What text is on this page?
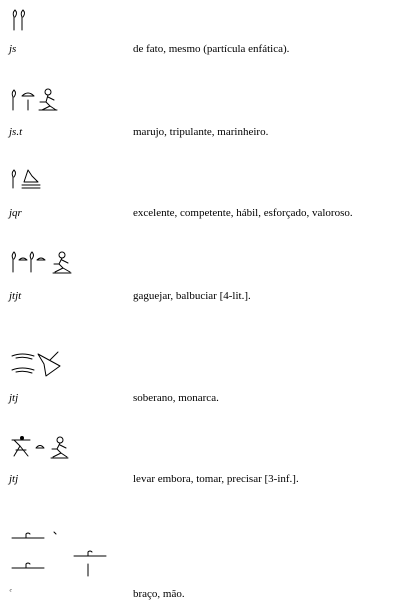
js	de fato, mesmo (partícula enfática).
js.t	marujo, tripulante, marinheiro.
jqr	excelente, competente, hábil, esforçado, valoroso.
jtjt	gaguejar, balbuciar [4-lit.].
jtj	soberano, monarca.
jtj	levar embora, tomar, precisar [3-inf.].
ᶜ	braço, mão.
